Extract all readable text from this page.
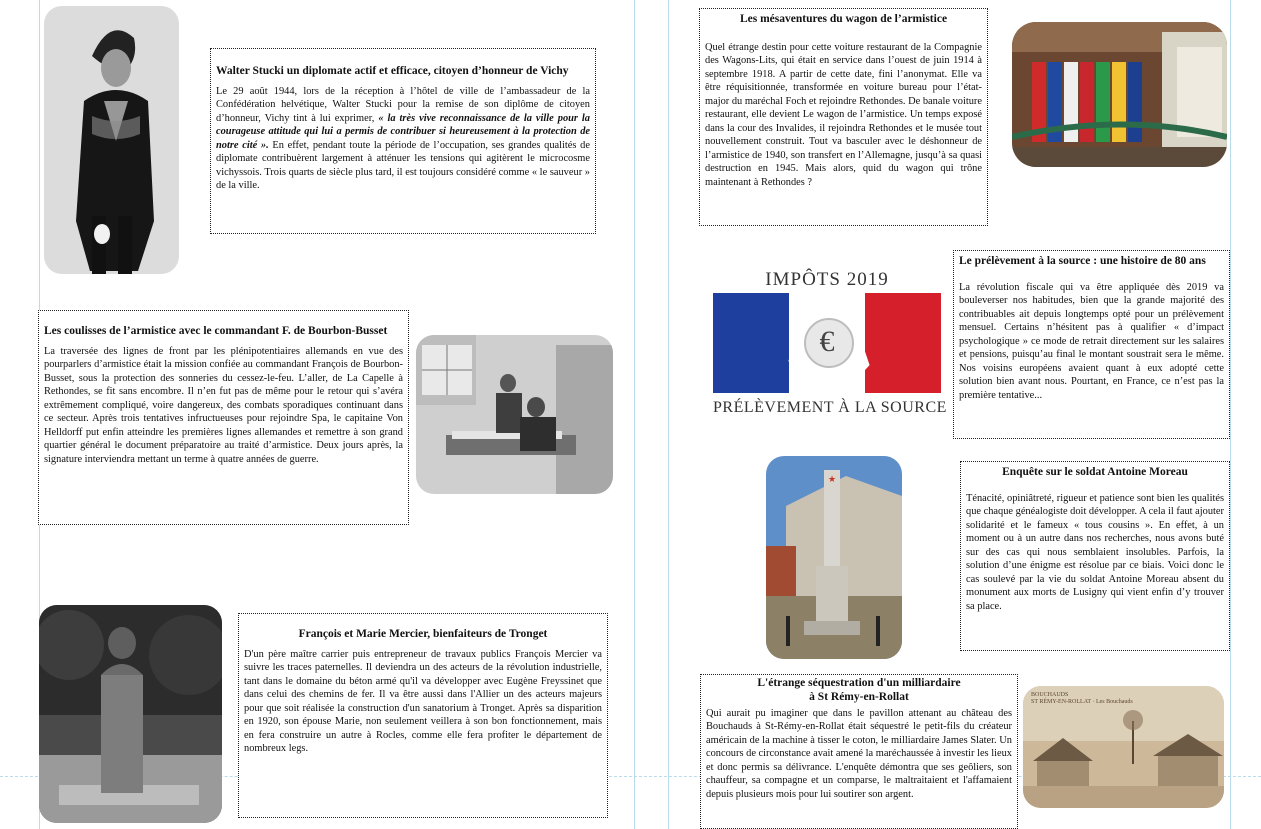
Walter Stucki un diplomate actif et efficace, citoyen d’honneur de Vichy

Le 29 août 1944, lors de la réception à l’hôtel de ville de l’ambassadeur de la Confédération helvétique, Walter Stucki pour la remise de son diplôme de citoyen d’honneur, Vichy tint à lui exprimer, « la très vive reconnaissance de la ville pour la courageuse attitude qui lui a permis de contribuer si heureusement à la protection de notre cité ». En effet, pendant toute la période de l’occupation, ses grandes qualités de diplomate contribuèrent largement à atténuer les tensions qui agitèrent le microcosme vichyssois. Trois quarts de siècle plus tard, il est toujours considéré comme « le sauveur » de la ville.

Les coulisses de l’armistice avec le commandant F. de Bourbon-Busset

La traversée des lignes de front par les plénipotentiaires allemands en vue des pourparlers d’armistice était la mission confiée au commandant François de Bourbon-Busset, sous la protection des sonneries du cessez-le-feu. L’aller, de La Capelle à Rethondes, se fit sans encombre. Il n’en fut pas de même pour le retour qui s’avéra extrêmement compliqué, voire dangereux, des combats sporadiques continuant dans ce secteur. Après trois tentatives infructueuses pour rejoindre Spa, le capitaine Von Helldorff put enfin atteindre les premières lignes allemandes et remettre à son grand quartier général le document préparatoire au traité d’armistice. Deux jours après, la signature interviendra mettant un terme à quatre années de guerre.

François et Marie Mercier, bienfaiteurs de Tronget

D'un père maître carrier puis entrepreneur de travaux publics François Mercier va suivre les traces paternelles. Il deviendra un des acteurs de la révolution industrielle, tant dans le domaine du béton armé qu'il va développer avec Eugène Freyssinet que dans celui des chemins de fer. Il va être aussi dans l'Allier un des acteurs majeurs pour que soit réalisée la construction d'un sanatorium à Tronget. Après sa disparition en 1920, son épouse Marie, non seulement veillera à son bon fonctionnement, mais en fera construire un autre à Rocles, comme elle fera profiter le département de nombreux legs.

Les mésaventures du wagon de l’armistice

Quel étrange destin pour cette voiture restaurant de la Compagnie des Wagons-Lits, qui était en service dans l’ouest de juin 1914 à septembre 1918. A partir de cette date, fini l’anonymat. Elle va être réquisitionnée, transformée en voiture bureau pour l’état-major du maréchal Foch et rejoindre Rethondes. De banale voiture restaurant, elle devient Le wagon de l’armistice. Un temps exposé dans la cour des Invalides, il rejoindra Rethondes et le musée tout nouvellement construit. Tout va basculer avec le déshonneur de l’armistice de 1940, son transfert en l’Allemagne, jusqu’à sa quasi destruction en 1945. Mais alors, quid du wagon qui trône maintenant à Rethondes ?

IMPÔTS 2019
€
PRÉLÈVEMENT À LA SOURCE
Le prélèvement à la source : une histoire de 80 ans

La révolution fiscale qui va être appliquée dès 2019 va bouleverser nos habitudes, bien que la grande majorité des contribuables ait depuis longtemps opté pour un prélèvement mensuel. Certains n’hésitent pas à qualifier « d’impact psychologique » ce mode de retrait directement sur les salaires et pensions, puisqu’au final le montant soustrait sera le même. Nos voisins européens avaient quant à eux adopté cette solution bien avant nous. Pourtant, en France, ce n’est pas la première tentative...

★
Enquête sur le soldat Antoine Moreau

Ténacité, opiniâtreté, rigueur et patience sont bien les qualités que chaque généalogiste doit développer. A cela il faut ajouter solidarité et le fameux « tous cousins ». En effet, à un moment ou à un autre dans nos recherches, nous avons buté sur des cas qui nous semblaient insolubles. Parfois, la solution d’une énigme est résolue par ce biais. Voici donc le cas soulevé par la vie du soldat Antoine Moreau absent du monument aux morts de Lusigny qui vient enfin d’y trouver sa place.

L'étrange séquestration d'un milliardaire
à St Rémy-en-Rollat

Qui aurait pu imaginer que dans le pavillon attenant au château des Bouchauds à St-Rémy-en-Rollat était séquestré le petit-fils du créateur américain de la machine à tisser le coton, le milliardaire James Slater. Un concours de circonstance avait amené la maréchaussée à investir les lieux et donc permis sa délivrance. L'enquête démontra que ses geôliers, son chauffeur, sa compagne et un comparse, le maltraitaient et l'affamaient depuis plusieurs mois pour lui soutirer son argent.

BOUCHAUDS
ST RÉMY-EN-ROLLAT · Les Bouchauds
